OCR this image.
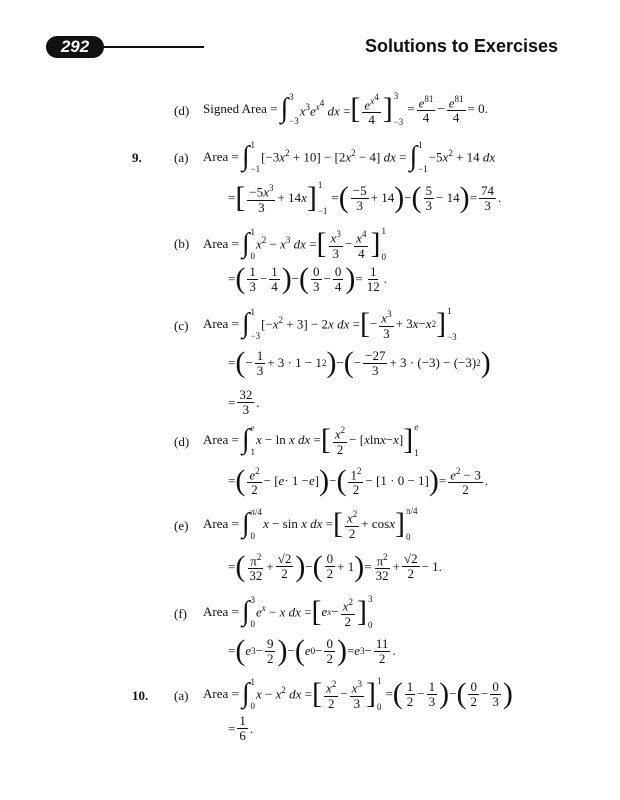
292	Solutions to Exercises
(d) Signed Area = ∫ 3
−3
$x^3e^{x^4}$ dx = [ $\frac{e^{x^4}}{4}$ ] 3
−3
= $\frac{e^{81}}{4} - \frac{e^{81}}{4} = 0$.
9. (a) Area = ∫ 1
−1
$[-3x^2 + 10] - [2x^2 - 4]$ dx = ∫ 1
−1
$-5x^2 + 14$ dx
= [ $\frac{-5x^3}{3} + 14$ x ] 1
−1
= ( $\frac{-5}{3} + 14$ ) − ( $\frac{5}{3} - 14$ ) = $\frac{74}{3}$ .
(b) Area = ∫ 1
0
$x^2 - x^3$ dx = [ $\frac{x^3}{3} - \frac{x^4}{4}$ ] 1
0
= ( $\frac{1}{3} - \frac{1}{4}$ ) − ( $\frac{0}{3} - \frac{0}{4}$ ) = $\frac{1}{12}$ .
(c) Area = ∫ 1
−3
$[-x^2 + 3] - 2x$ dx = [ − $\frac{x^3}{3} + 3$ x − x 2 ] 1
−3
= ( − $\frac{1}{3} + 3 \cdot 1 - 1$ 2 ) − ( − $\frac{-27}{3} + 3 \cdot (-3) - (-3)$ 2 )
= $\frac{32}{3}$ .
(d) Area = ∫ e
1
x − ln x dx = [ $\frac{x^2}{2}$ − [ x ln x − x ] ] e
1
= ( $\frac{e^2}{2}$ − [ e · 1 − e ] ) − ( $\frac{1^2}{2} - [1 \cdot 0 - 1]$ ) = $\frac{e^2 - 3}{2}$ .
(e) Area = ∫ π/4
0
x − sin x dx = [ $\frac{x^2}{2} + \cos x$ ] π/4
0
= ( $\frac{\pi^2}{32} + \frac{√2}{2}$ ) − ( $\frac{0}{2} + 1$ ) = $\frac{\pi^2}{32} + \frac{√2}{2} - 1$.
(f) Area = ∫ 3
0
$e^x - x$ dx = [ e $x - \frac{x^2}{2}$ ] 3
0
= ( e $3 - \frac{9}{2}$ ) − ( e $0 - \frac{0}{2}$ ) = e $3 - \frac{11}{2}$ .
10. (a) Area = ∫ 1
0
$x - x^2$ dx = [ $\frac{x^2}{2} - \frac{x^3}{3}$ ] 1
0
= ( $\frac{1}{2} - \frac{1}{3}$ ) − ( $\frac{0}{2} - \frac{0}{3}$ )
= $\frac{1}{6}$ .
